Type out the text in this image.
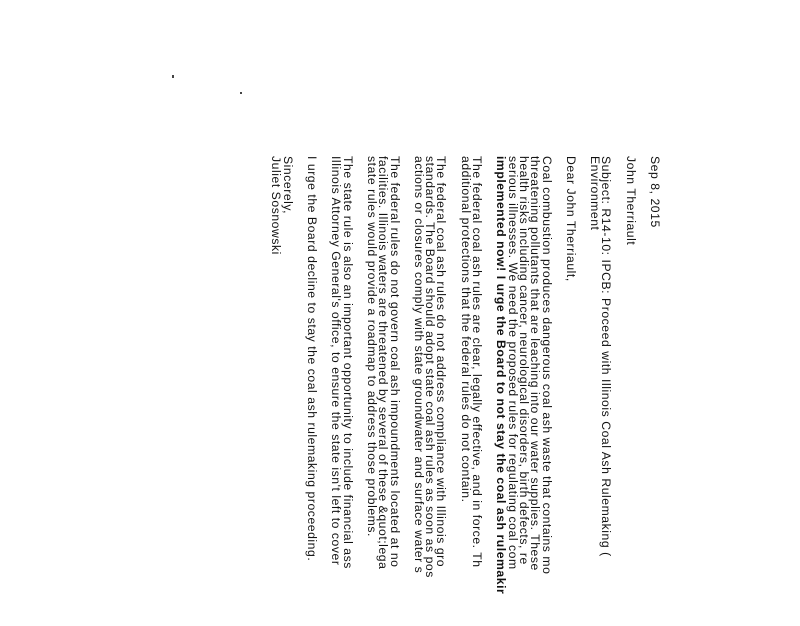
Sep 8, 2015
John Therriault
Subject: R14-10: IPCB: Proceed with Illinois Coal Ash Rulemaking (
Environment
Dear John Therriault,
Coal combustion produces dangerous coal ash waste that contains mo
threatening pollutants that are leaching into our water supplies. These
health risks including cancer, neurological disorders, birth defects, re
serious illnesses. We need the proposed rules for regulating coal com
implemented now! I urge the Board to not stay the coal ash rulemakir
The federal coal ash rules are clear, legally effective, and in force. Th
additional protections that the federal rules do not contain.
The federal coal ash rules do not address compliance with Illinois gro
standards. The Board should adopt state coal ash rules as soon as pos
actions or closures comply with state groundwater and surface water s
The federal rules do not govern coal ash impoundments located at no
facilities. Illinois waters are threatened by several of these &quot;lega
state rules would provide a roadmap to address those problems.
The state rule is also an important opportunity to include financial ass
Illinois Attorney General's office, to ensure the state isn't left to cover
I urge the Board decline to stay the coal ash rulemaking proceeding.
Sincerely,
Juliet Sosnowski
